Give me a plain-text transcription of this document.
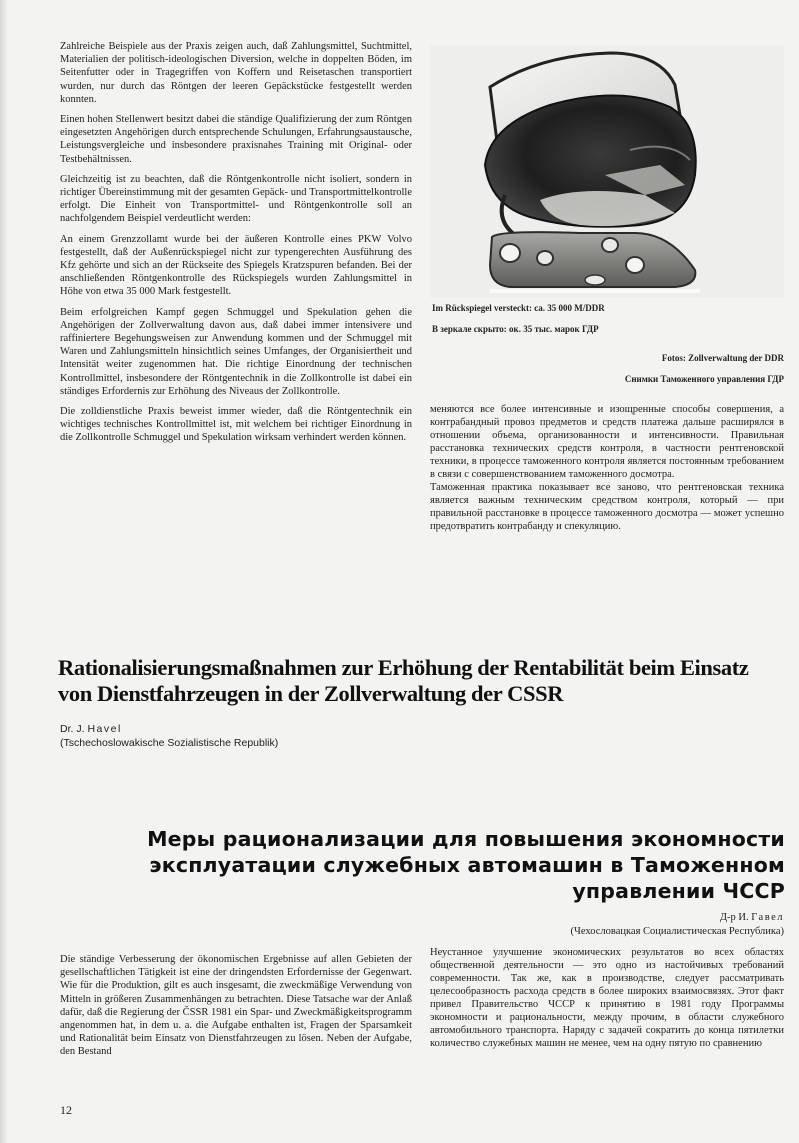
Zahlreiche Beispiele aus der Praxis zeigen auch, daß Zahlungsmittel, Suchtmittel, Materialien der politisch-ideologischen Diversion, welche in doppelten Böden, im Seitenfutter oder in Tragegriffen von Koffern und Reisetaschen transportiert wurden, nur durch das Röntgen der leeren Gepäckstücke festgestellt werden konnten.

Einen hohen Stellenwert besitzt dabei die ständige Qualifizierung der zum Röntgen eingesetzten Angehörigen durch entsprechende Schulungen, Erfahrungsaustausche, Leistungsvergleiche und insbesondere praxisnahes Training mit Original- oder Testbehältnissen.

Gleichzeitig ist zu beachten, daß die Röntgenkontrolle nicht isoliert, sondern in richtiger Übereinstimmung mit der gesamten Gepäck- und Transportmittelkontrolle erfolgt. Die Einheit von Transportmittel- und Röntgenkontrolle soll an nachfolgendem Beispiel verdeutlicht werden:

An einem Grenzzollamt wurde bei der äußeren Kontrolle eines PKW Volvo festgestellt, daß der Außenrückspiegel nicht zur typengerechten Ausführung des Kfz gehörte und sich an der Rückseite des Spiegels Kratzspuren befanden. Bei der anschließenden Röntgenkontrolle des Rückspiegels wurden Zahlungsmittel in Höhe von etwa 35 000 Mark festgestellt.

Beim erfolgreichen Kampf gegen Schmuggel und Spekulation gehen die Angehörigen der Zollverwaltung davon aus, daß dabei immer intensivere und raffiniertere Begehungsweisen zur Anwendung kommen und der Schmuggel mit Waren und Zahlungsmitteln hinsichtlich seines Umfanges, der Organisiertheit und Intensität weiter zugenommen hat. Die richtige Einordnung der technischen Kontrollmittel, insbesondere der Röntgentechnik in die Zollkontrolle ist dabei ein ständiges Erfordernis zur Erhöhung des Niveaus der Zollkontrolle.

Die zolldienstliche Praxis beweist immer wieder, daß die Röntgentechnik ein wichtiges technisches Kontrollmittel ist, mit welchem bei richtiger Einordnung in die Zollkontrolle Schmuggel und Spekulation wirksam verhindert werden können.

Im Rückspiegel versteckt: ca. 35 000 M/DDR
В зеркале скрыто: ок. 35 тыс. марок ГДР
Fotos: Zollverwaltung der DDR
Снимки Таможенного управления ГДР

меняются все более интенсивные и изощренные способы совершения, а контрабандный провоз предметов и средств платежа дальше расширялся в отношении объема, организованности и интенсивности. Правильная расстановка технических средств контроля, в частности рентгеновской техники, в процессе таможенного контроля является постоянным требованием в связи с совершенствованием таможенного досмотра.

Таможенная практика показывает все заново, что рентгеновская техника является важным техническим средством контроля, который — при правильной расстановке в процессе таможенного досмотра — может успешно предотвратить контрабанду и спекуляцию.

Rationalisierungsmaßnahmen zur Erhöhung der Rentabilität beim Einsatz von Dienstfahrzeugen in der Zollverwaltung der CSSR
Dr. J. Havel
(Tschechoslowakische Sozialistische Republik)
Меры рационализации для повышения экономности эксплуатации служебных автомашин в Таможенном управлении ЧССР
Д-р И. Гавел
(Чехословацкая Социалистическая Республика)

Die ständige Verbesserung der ökonomischen Ergebnisse auf allen Gebieten der gesellschaftlichen Tätigkeit ist eine der dringendsten Erfordernisse der Gegenwart. Wie für die Produktion, gilt es auch insgesamt, die zweckmäßige Verwendung von Mitteln in größeren Zusammenhängen zu betrachten. Diese Tatsache war der Anlaß dafür, daß die Regierung der ČSSR 1981 ein Spar- und Zweckmäßigkeitsprogramm angenommen hat, in dem u. a. die Aufgabe enthalten ist, Fragen der Sparsamkeit und Rationalität beim Einsatz von Dienstfahrzeugen zu lösen. Neben der Aufgabe, den Bestand

Неустанное улучшение экономических результатов во всех областях общественной деятельности — это одно из настойчивых требований современности. Так же, как в производстве, следует рассматривать целесообразность расхода средств в более широких взаимосвязях. Этот факт привел Правительство ЧССР к принятию в 1981 году Программы экономности и рациональности, между прочим, в области служебного автомобильного транспорта. Наряду с задачей сократить до конца пятилетки количество служебных машин не менее, чем на одну пятую по сравнению

12
